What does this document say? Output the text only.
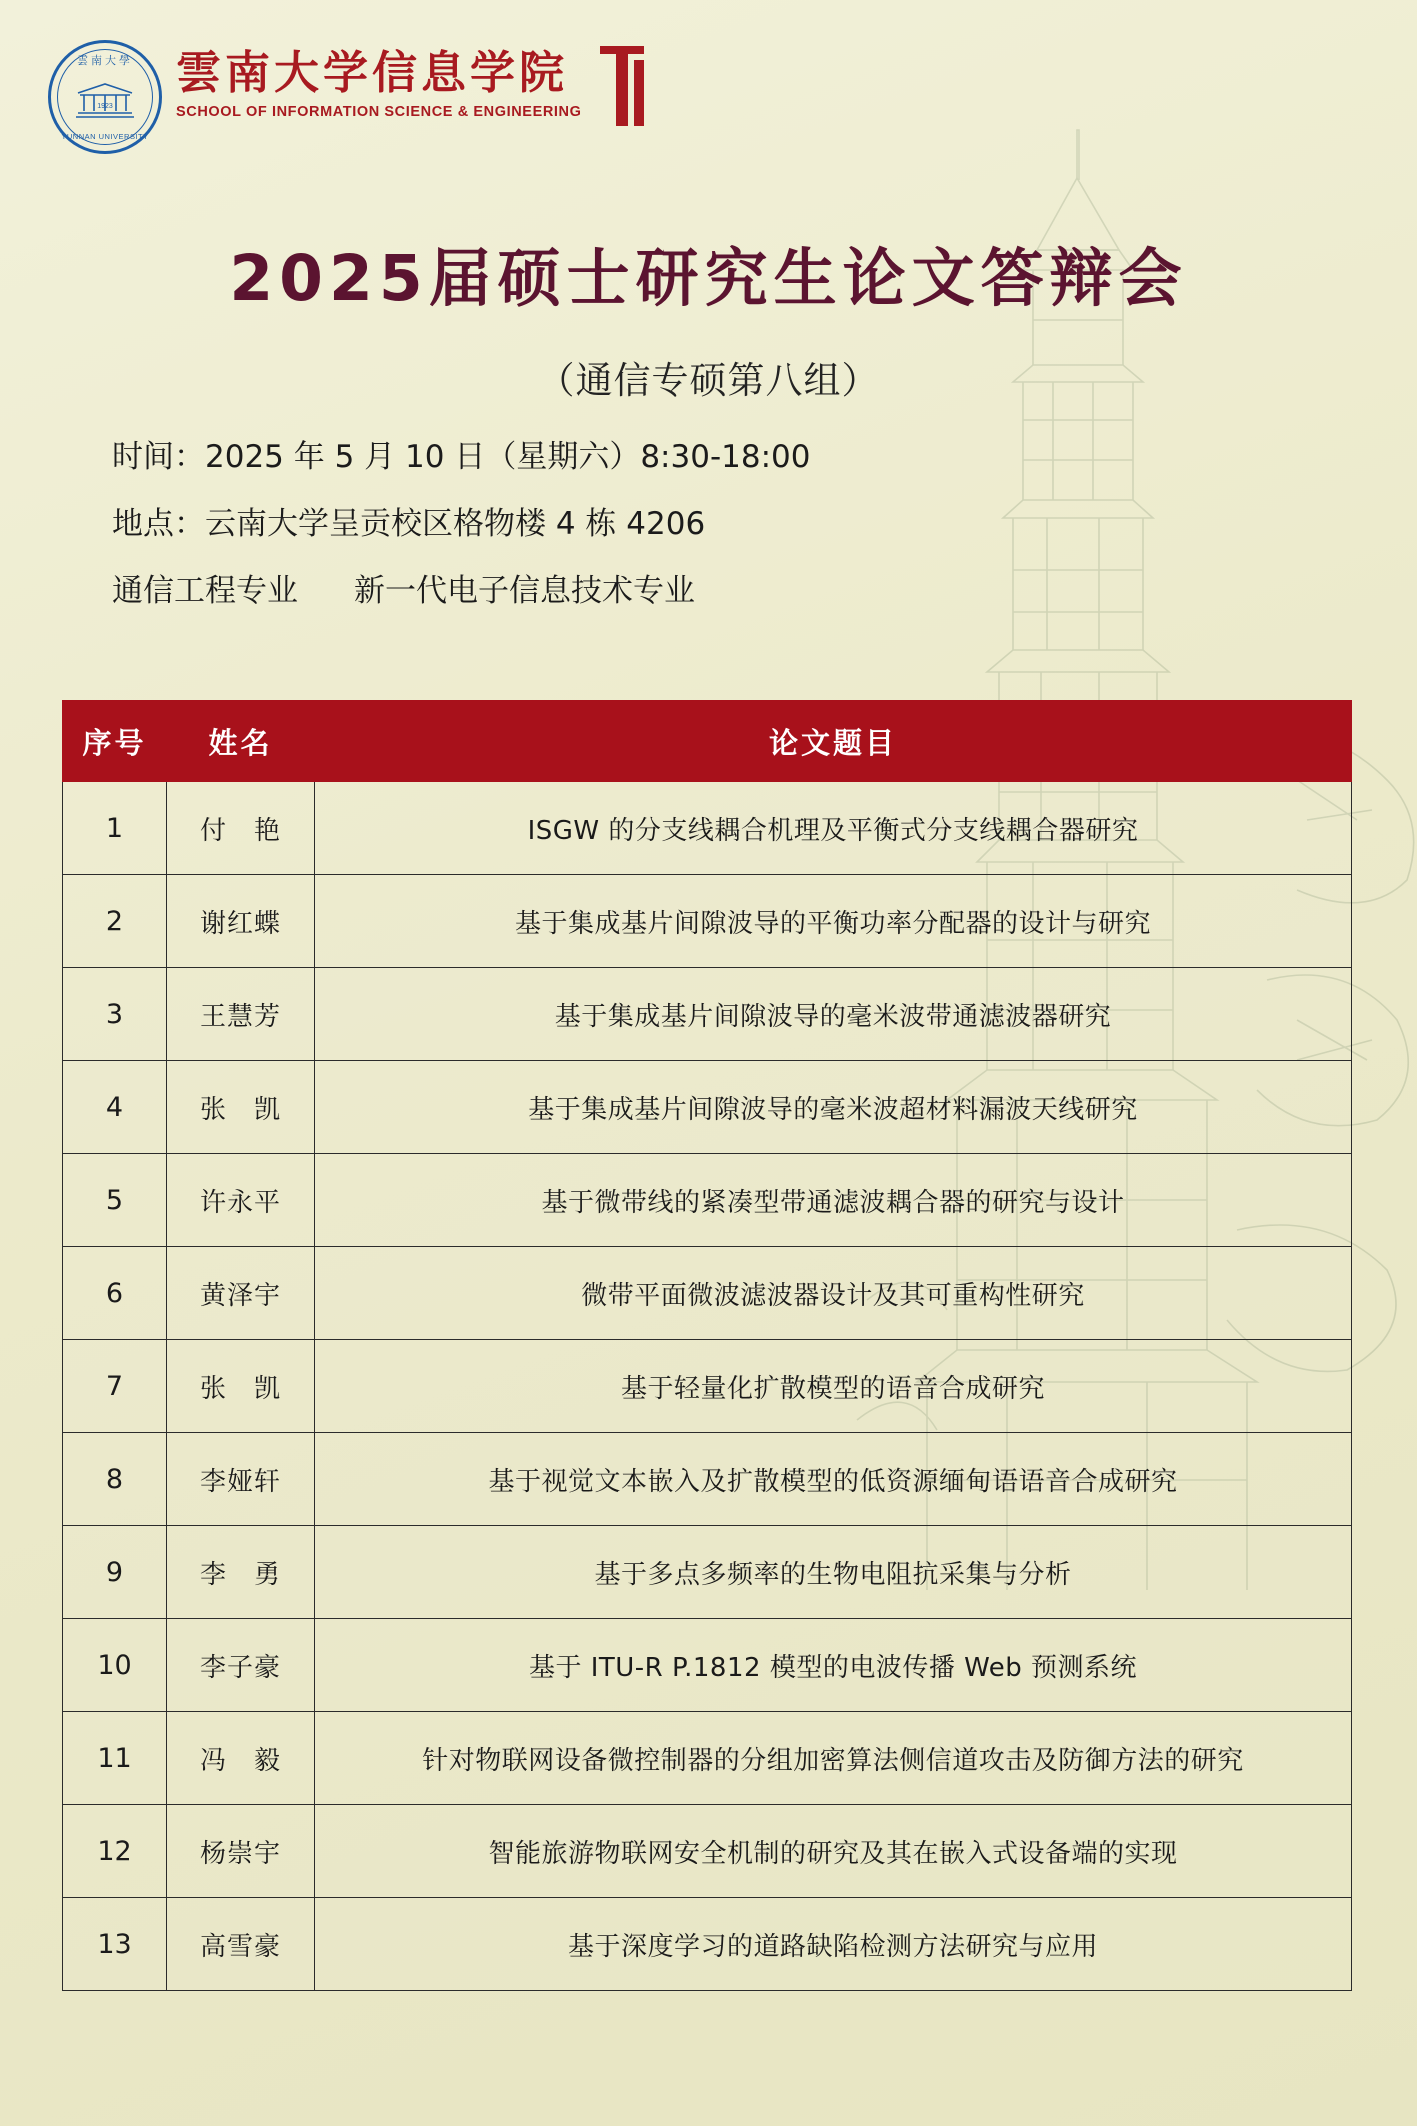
雲南大學
1923
YUNNAN UNIVERSITY
雲南大学信息学院
SCHOOL OF INFORMATION SCIENCE & ENGINEERING
2025届硕士研究生论文答辩会
（通信专硕第八组）
时间：2025 年 5 月 10 日（星期六）8:30-18:00
地点：云南大学呈贡校区格物楼 4 栋 4206
通信工程专业 新一代电子信息技术专业
序号	姓名	论文题目
1	付　艳	ISGW 的分支线耦合机理及平衡式分支线耦合器研究
2	谢红蝶	基于集成基片间隙波导的平衡功率分配器的设计与研究
3	王慧芳	基于集成基片间隙波导的毫米波带通滤波器研究
4	张　凯	基于集成基片间隙波导的毫米波超材料漏波天线研究
5	许永平	基于微带线的紧凑型带通滤波耦合器的研究与设计
6	黄泽宇	微带平面微波滤波器设计及其可重构性研究
7	张　凯	基于轻量化扩散模型的语音合成研究
8	李娅轩	基于视觉文本嵌入及扩散模型的低资源缅甸语语音合成研究
9	李　勇	基于多点多频率的生物电阻抗采集与分析
10	李子豪	基于 ITU-R P.1812 模型的电波传播 Web 预测系统
11	冯　毅	针对物联网设备微控制器的分组加密算法侧信道攻击及防御方法的研究
12	杨崇宇	智能旅游物联网安全机制的研究及其在嵌入式设备端的实现
13	高雪豪	基于深度学习的道路缺陷检测方法研究与应用
